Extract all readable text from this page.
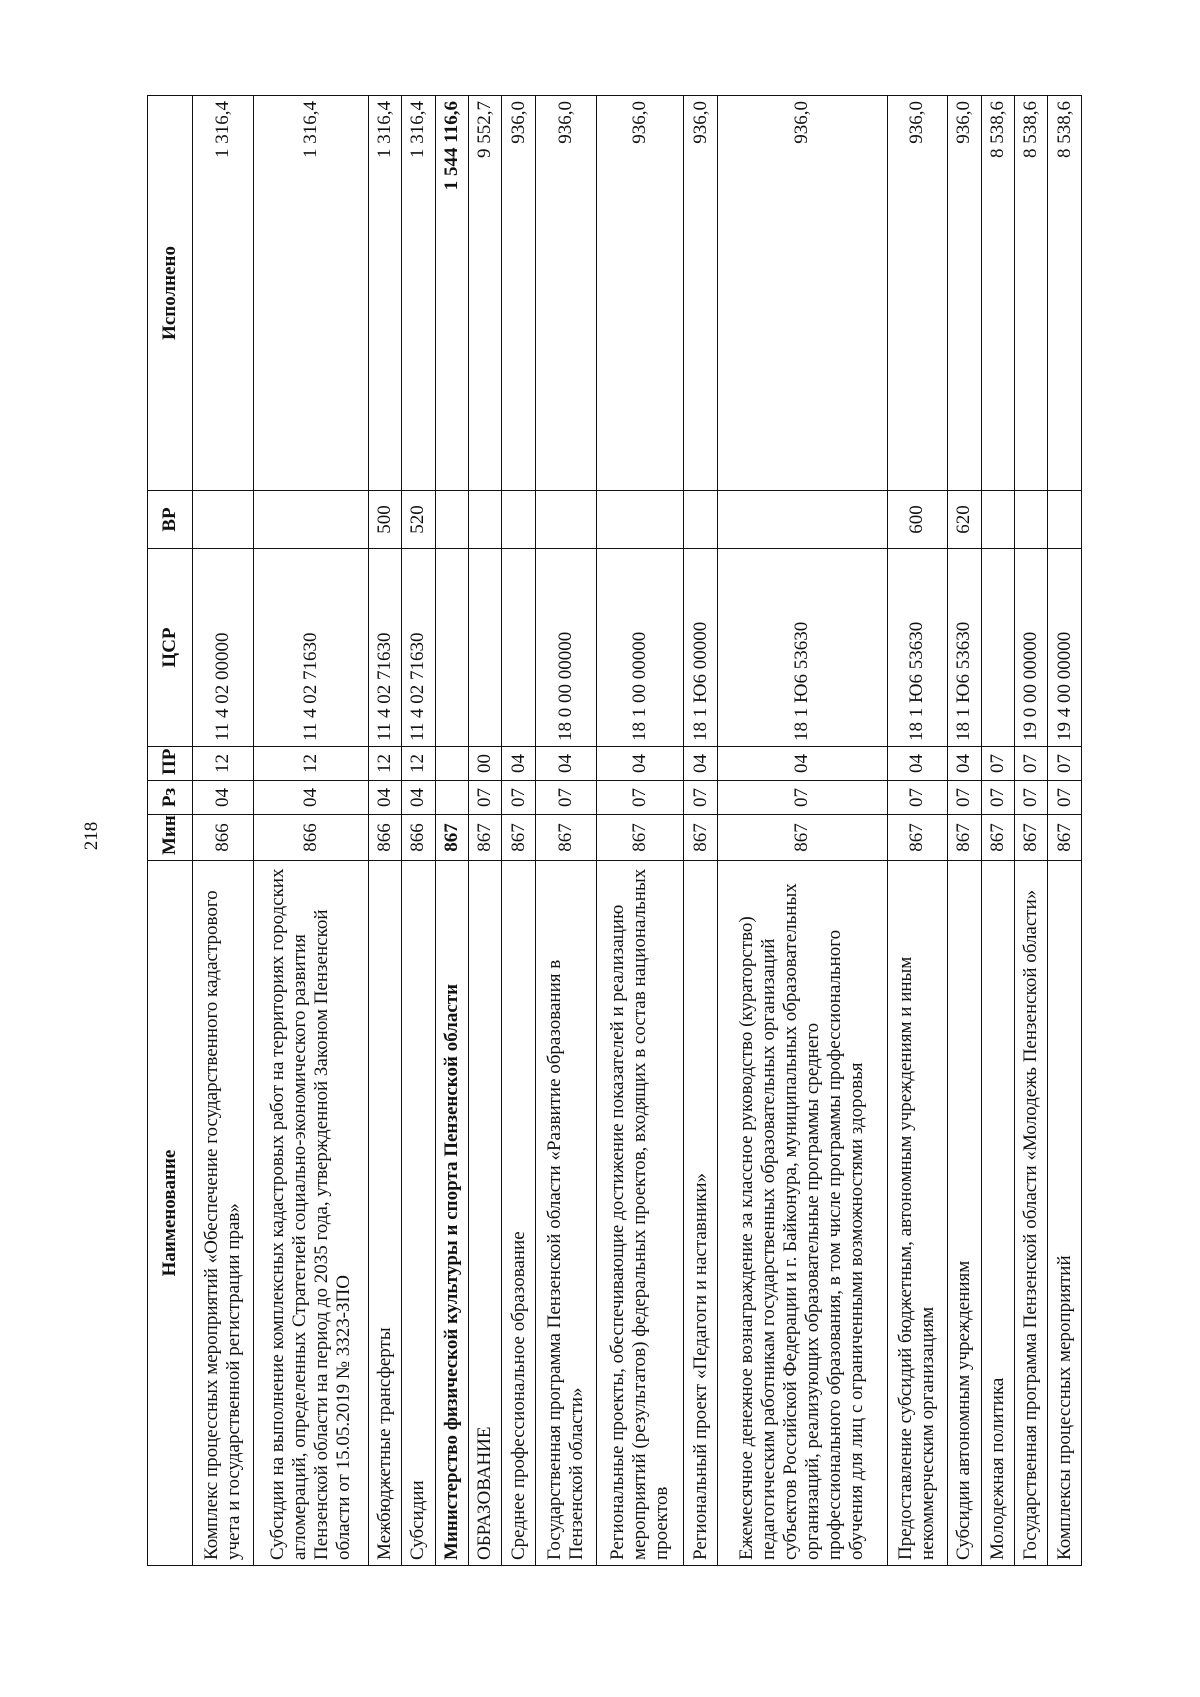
218
Наименование	Мин	Рз	ПР	ЦСР	ВР	Исполнено
Комплекс процессных мероприятий «Обеспечение государственного кадастрового учета и государственной регистрации прав»	866	04	12	11 4 02 00000		1 316,4
Субсидии на выполнение комплексных кадастровых работ на территориях городских агломераций, определенных Стратегией социально-экономического развития Пензенской области на период до 2035 года, утвержденной Законом Пензенской области от 15.05.2019 № 3323-ЗПО	866	04	12	11 4 02 71630		1 316,4
Межбюджетные трансферты	866	04	12	11 4 02 71630	500	1 316,4
Субсидии	866	04	12	11 4 02 71630	520	1 316,4
Министерство физической культуры и спорта Пензенской области	867					1 544 116,6
ОБРАЗОВАНИЕ	867	07	00			9 552,7
Среднее профессиональное образование	867	07	04			936,0
Государственная программа Пензенской области «Развитие образования в Пензенской области»	867	07	04	18 0 00 00000		936,0
Региональные проекты, обеспечивающие достижение показателей и реализацию мероприятий (результатов) федеральных проектов, входящих в состав национальных проектов	867	07	04	18 1 00 00000		936,0
Региональный проект «Педагоги и наставники»	867	07	04	18 1 Ю6 00000		936,0
Ежемесячное денежное вознаграждение за классное руководство (кураторство) педагогическим работникам государственных образовательных организаций субъектов Российской Федерации и г. Байконура, муниципальных образовательных организаций, реализующих образовательные программы среднего профессионального образования, в том числе программы профессионального обучения для лиц с ограниченными возможностями здоровья	867	07	04	18 1 Ю6 53630		936,0
Предоставление субсидий бюджетным, автономным учреждениям и иным некоммерческим организациям	867	07	04	18 1 Ю6 53630	600	936,0
Субсидии автономным учреждениям	867	07	04	18 1 Ю6 53630	620	936,0
Молодежная политика	867	07	07			8 538,6
Государственная программа Пензенской области «Молодежь Пензенской области»	867	07	07	19 0 00 00000		8 538,6
Комплексы процессных мероприятий	867	07	07	19 4 00 00000		8 538,6
